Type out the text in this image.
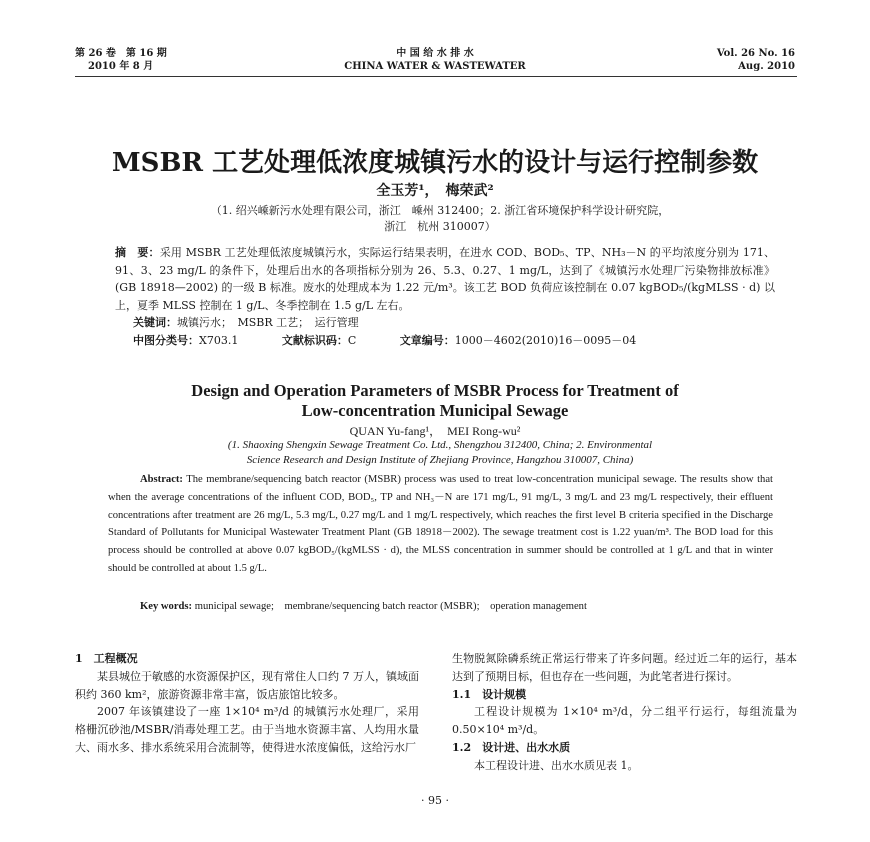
第 26 卷　第 16 期
2010 年 8 月
中 国 给 水 排 水
CHINA WATER & WASTEWATER
Vol. 26 No. 16
Aug. 2010
MSBR 工艺处理低浓度城镇污水的设计与运行控制参数
全玉芳¹，　梅荣武²
（1. 绍兴嵊新污水处理有限公司，浙江　嵊州 312400；2. 浙江省环境保护科学设计研究院，
浙江　杭州 310007）
摘　要：采用 MSBR 工艺处理低浓度城镇污水，实际运行结果表明，在进水 COD、BOD₅、TP、NH₃－N 的平均浓度分别为 171、91、3、23 mg/L 的条件下，处理后出水的各项指标分别为 26、5.3、0.27、1 mg/L，达到了《城镇污水处理厂污染物排放标准》(GB 18918—2002) 的一级 B 标准。废水的处理成本为 1.22 元/m³。该工艺 BOD 负荷应该控制在 0.07 kgBOD₅/(kgMLSS · d) 以上，夏季 MLSS 控制在 1 g/L、冬季控制在 1.5 g/L 左右。
关键词：城镇污水；　MSBR 工艺；　运行管理
中图分类号：X703.1	文献标识码：C	文章编号：1000－4602(2010)16－0095－04
Design and Operation Parameters of MSBR Process for Treatment of
Low-concentration Municipal Sewage
QUAN Yu-fang¹，　MEI Rong-wu²
(1. Shaoxing Shengxin Sewage Treatment Co. Ltd., Shengzhou 312400, China; 2. Environmental
Science Research and Design Institute of Zhejiang Province, Hangzhou 310007, China)
Abstract: The membrane/sequencing batch reactor (MSBR) process was used to treat low-concentration municipal sewage. The results show that when the average concentrations of the influent COD, BOD₅, TP and NH₃－N are 171 mg/L, 91 mg/L, 3 mg/L and 23 mg/L respectively, their effluent concentrations after treatment are 26 mg/L, 5.3 mg/L, 0.27 mg/L and 1 mg/L respectively, which reaches the first level B criteria specified in the Discharge Standard of Pollutants for Municipal Wastewater Treatment Plant (GB 18918－2002). The sewage treatment cost is 1.22 yuan/m³. The BOD load for this process should be controlled at above 0.07 kgBOD₅/(kgMLSS · d), the MLSS concentration in summer should be controlled at 1 g/L and that in winter should be controlled at about 1.5 g/L.
Key words: municipal sewage;　membrane/sequencing batch reactor (MSBR);　operation management

1　工程概况

某县城位于敏感的水资源保护区，现有常住人口约 7 万人，镇域面积约 360 km²，旅游资源非常丰富，饭店旅馆比较多。

2007 年该镇建设了一座 1×10⁴ m³/d 的城镇污水处理厂，采用格栅沉砂池/MSBR/消毒处理工艺。由于当地水资源丰富、人均用水量大、雨水多、排水系统采用合流制等，使得进水浓度偏低，这给污水厂

生物脱氮除磷系统正常运行带来了许多问题。经过近二年的运行，基本达到了预期目标，但也存在一些问题，为此笔者进行探讨。

1.1　设计规模

工程设计规模为 1×10⁴ m³/d，分二组平行运行，每组流量为 0.50×10⁴ m³/d。

1.2　设计进、出水水质

本工程设计进、出水水质见表 1。

· 95 ·
